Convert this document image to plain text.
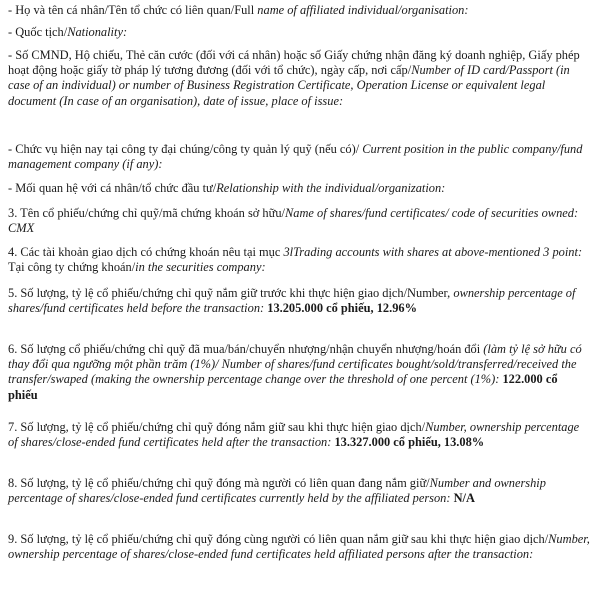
- Họ và tên cá nhân/Tên tổ chức có liên quan/Full name of affiliated individual/organisation:

- Quốc tịch/Nationality:

- Số CMND, Hộ chiếu, Thẻ căn cước (đối với cá nhân) hoặc số Giấy chứng nhận đăng ký doanh nghiệp, Giấy phép hoạt động hoặc giấy tờ pháp lý tương đương (đối với tổ chức), ngày cấp, nơi cấp/Number of ID card/Passport (in case of an individual) or number of Business Registration Certificate, Operation License or equivalent legal document (In case of an organisation), date of issue, place of issue:

- Chức vụ hiện nay tại công ty đại chúng/công ty quản lý quỹ (nếu có)/ Current position in the public company/fund management company (if any):

- Mối quan hệ với cá nhân/tổ chức đầu tư/Relationship with the individual/organization:

3. Tên cổ phiếu/chứng chỉ quỹ/mã chứng khoán sở hữu/Name of shares/fund certificates/ code of securities owned: CMX

4. Các tài khoản giao dịch có chứng khoán nêu tại mục 3lTrading accounts with shares at above-mentioned 3 point: Tại công ty chứng khoán/in the securities company:

5. Số lượng, tỷ lệ cổ phiếu/chứng chỉ quỹ nắm giữ trước khi thực hiện giao dịch/Number, ownership percentage of shares/fund certificates held before the transaction: 13.205.000 cổ phiếu, 12.96%

6. Số lượng cổ phiếu/chứng chỉ quỹ đã mua/bán/chuyển nhượng/nhận chuyển nhượng/hoán đổi (làm tỷ lệ sở hữu có thay đổi qua ngưỡng một phần trăm (1%)/ Number of shares/fund certificates bought/sold/transferred/received the transfer/swaped (making the ownership percentage change over the threshold of one percent (1%): 122.000 cổ phiếu

7. Số lượng, tỷ lệ cổ phiếu/chứng chỉ quỹ đóng nắm giữ sau khi thực hiện giao dịch/Number, ownership percentage of shares/close-ended fund certificates held after the transaction: 13.327.000 cổ phiếu, 13.08%

8. Số lượng, tỷ lệ cổ phiếu/chứng chỉ quỹ đóng mà người có liên quan đang nắm giữ/Number and ownership percentage of shares/close-ended fund certificates currently held by the affiliated person: N/A

9. Số lượng, tỷ lệ cổ phiếu/chứng chỉ quỹ đóng cùng người có liên quan nắm giữ sau khi thực hiện giao dịch/Number, ownership percentage of shares/close-ended fund certificates held affiliated persons after the transaction:
